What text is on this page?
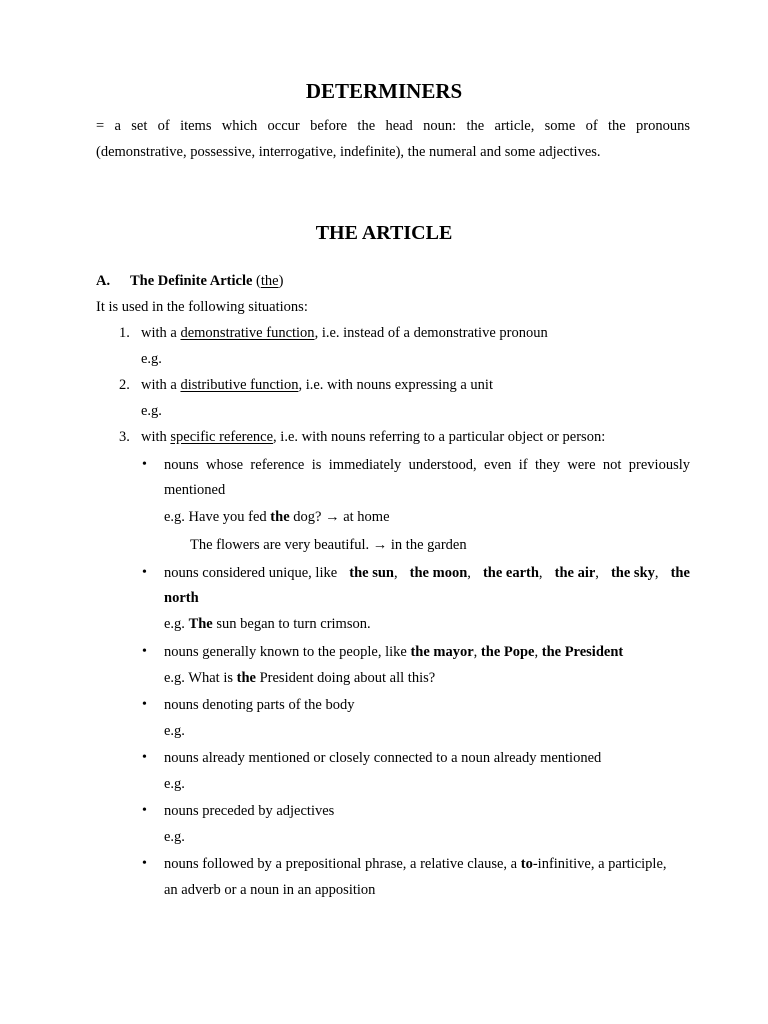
DETERMINERS
= a set of items which occur before the head noun: the article, some of the pronouns
(demonstrative, possessive, interrogative, indefinite), the numeral and some adjectives.
THE ARTICLE
A. The Definite Article (the)
It is used in the following situations:
1. with a demonstrative function, i.e. instead of a demonstrative pronoun
e.g.
2. with a distributive function, i.e. with nouns expressing a unit
e.g.
3. with specific reference, i.e. with nouns referring to a particular object or person:
• nouns whose reference is immediately understood, even if they were not previously
mentioned
e.g. Have you fed the dog? → at home
The flowers are very beautiful. → in the garden
• nouns considered unique, like the sun, the moon, the earth, the air, the sky, the
north
e.g. The sun began to turn crimson.
• nouns generally known to the people, like the mayor, the Pope, the President
e.g. What is the President doing about all this?
• nouns denoting parts of the body
e.g.
• nouns already mentioned or closely connected to a noun already mentioned
e.g.
• nouns preceded by adjectives
e.g.
• nouns followed by a prepositional phrase, a relative clause, a to-infinitive, a participle,
an adverb or a noun in an apposition
